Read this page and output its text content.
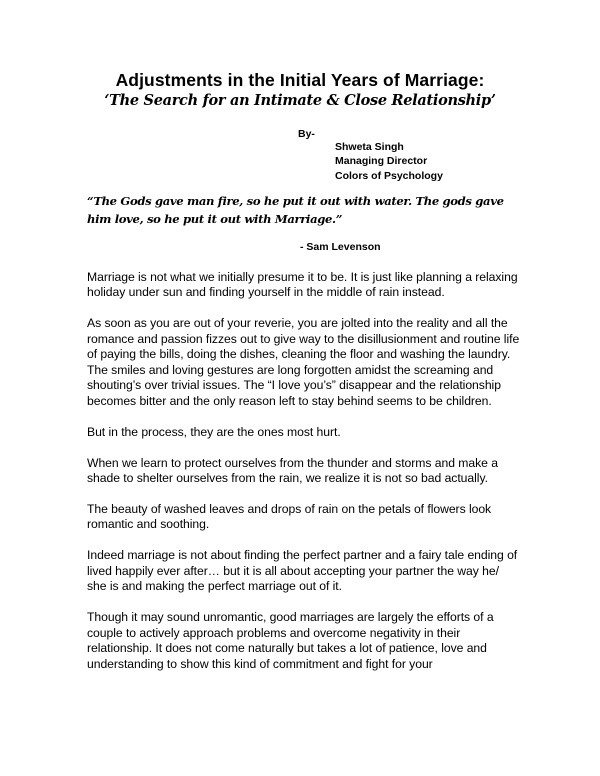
Adjustments in the Initial Years of Marriage:
‘The Search for an Intimate & Close Relationship’
By-
Shweta Singh
Managing Director
Colors of Psychology
“The Gods gave man fire, so he put it out with water. The gods gave him love, so he put it out with Marriage.”
- Sam Levenson

Marriage is not what we initially presume it to be. It is just like planning a relaxing holiday under sun and finding yourself in the middle of rain instead.

As soon as you are out of your reverie, you are jolted into the reality and all the romance and passion fizzes out to give way to the disillusionment and routine life of paying the bills, doing the dishes, cleaning the floor and washing the laundry. The smiles and loving gestures are long forgotten amidst the screaming and shouting’s over trivial issues. The “I love you’s” disappear and the relationship becomes bitter and the only reason left to stay behind seems to be children.

But in the process, they are the ones most hurt.

When we learn to protect ourselves from the thunder and storms and make a shade to shelter ourselves from the rain, we realize it is not so bad actually.

The beauty of washed leaves and drops of rain on the petals of flowers look romantic and soothing.

Indeed marriage is not about finding the perfect partner and a fairy tale ending of lived happily ever after… but it is all about accepting your partner the way he/ she is and making the perfect marriage out of it.

Though it may sound unromantic, good marriages are largely the efforts of a couple to actively approach problems and overcome negativity in their relationship. It does not come naturally but takes a lot of patience, love and understanding to show this kind of commitment and fight for your
